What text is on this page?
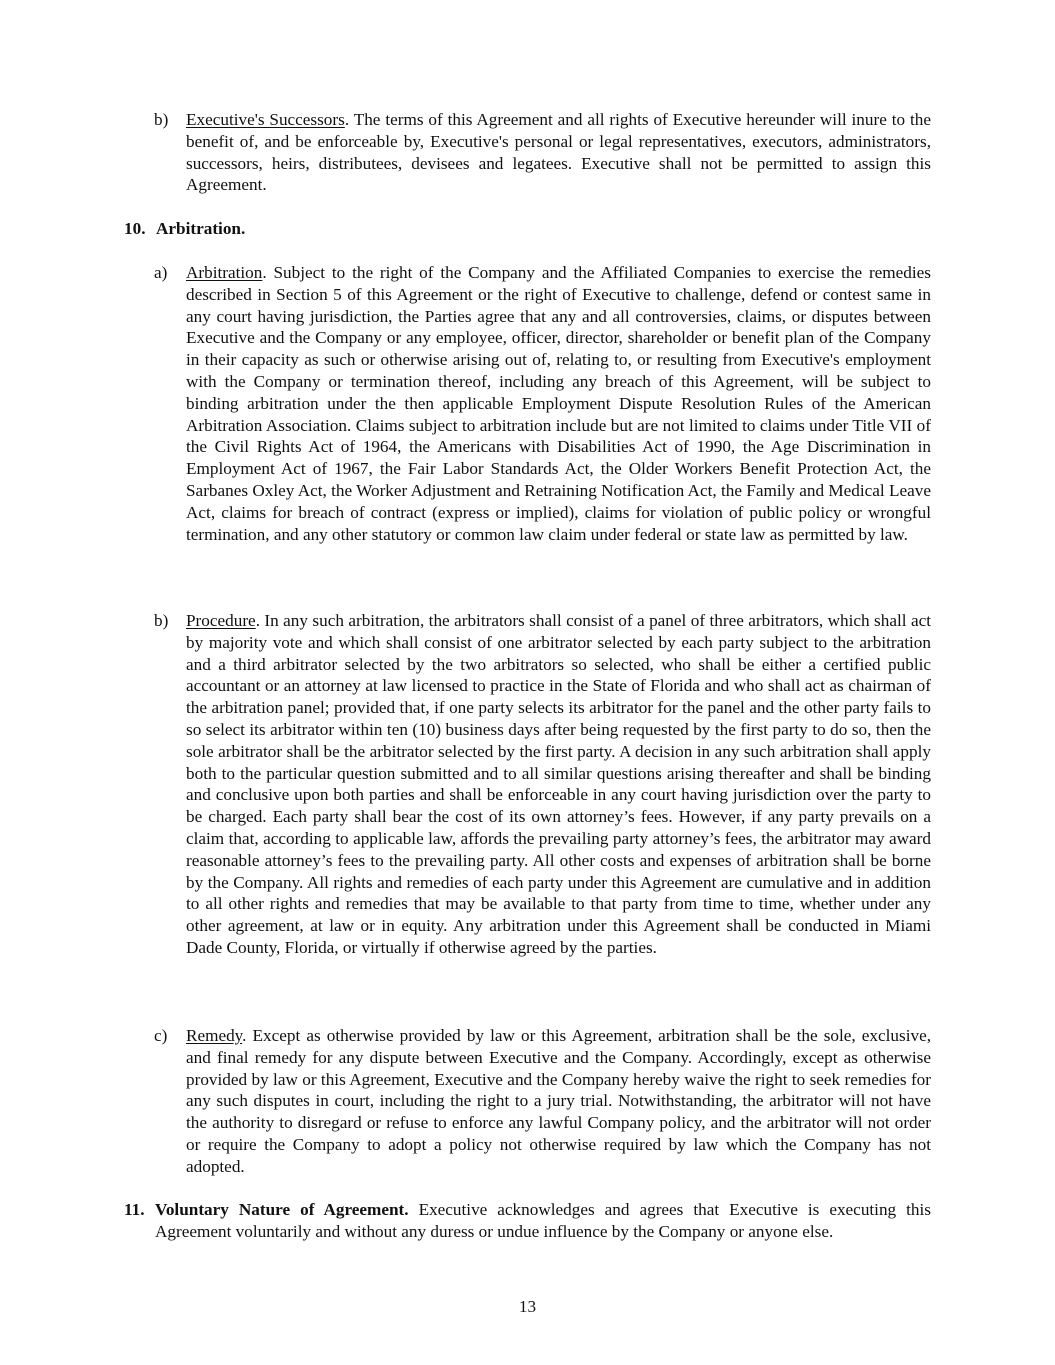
b) Executive's Successors. The terms of this Agreement and all rights of Executive hereunder will inure to the benefit of, and be enforceable by, Executive's personal or legal representatives, executors, administrators, successors, heirs, distributees, devisees and legatees. Executive shall not be permitted to assign this Agreement.
10. Arbitration.
a) Arbitration. Subject to the right of the Company and the Affiliated Companies to exercise the remedies described in Section 5 of this Agreement or the right of Executive to challenge, defend or contest same in any court having jurisdiction, the Parties agree that any and all controversies, claims, or disputes between Executive and the Company or any employee, officer, director, shareholder or benefit plan of the Company in their capacity as such or otherwise arising out of, relating to, or resulting from Executive's employment with the Company or termination thereof, including any breach of this Agreement, will be subject to binding arbitration under the then applicable Employment Dispute Resolution Rules of the American Arbitration Association. Claims subject to arbitration include but are not limited to claims under Title VII of the Civil Rights Act of 1964, the Americans with Disabilities Act of 1990, the Age Discrimination in Employment Act of 1967, the Fair Labor Standards Act, the Older Workers Benefit Protection Act, the Sarbanes Oxley Act, the Worker Adjustment and Retraining Notification Act, the Family and Medical Leave Act, claims for breach of contract (express or implied), claims for violation of public policy or wrongful termination, and any other statutory or common law claim under federal or state law as permitted by law.
b) Procedure. In any such arbitration, the arbitrators shall consist of a panel of three arbitrators, which shall act by majority vote and which shall consist of one arbitrator selected by each party subject to the arbitration and a third arbitrator selected by the two arbitrators so selected, who shall be either a certified public accountant or an attorney at law licensed to practice in the State of Florida and who shall act as chairman of the arbitration panel; provided that, if one party selects its arbitrator for the panel and the other party fails to so select its arbitrator within ten (10) business days after being requested by the first party to do so, then the sole arbitrator shall be the arbitrator selected by the first party. A decision in any such arbitration shall apply both to the particular question submitted and to all similar questions arising thereafter and shall be binding and conclusive upon both parties and shall be enforceable in any court having jurisdiction over the party to be charged. Each party shall bear the cost of its own attorney’s fees. However, if any party prevails on a claim that, according to applicable law, affords the prevailing party attorney’s fees, the arbitrator may award reasonable attorney’s fees to the prevailing party. All other costs and expenses of arbitration shall be borne by the Company. All rights and remedies of each party under this Agreement are cumulative and in addition to all other rights and remedies that may be available to that party from time to time, whether under any other agreement, at law or in equity. Any arbitration under this Agreement shall be conducted in Miami Dade County, Florida, or virtually if otherwise agreed by the parties.
c) Remedy. Except as otherwise provided by law or this Agreement, arbitration shall be the sole, exclusive, and final remedy for any dispute between Executive and the Company. Accordingly, except as otherwise provided by law or this Agreement, Executive and the Company hereby waive the right to seek remedies for any such disputes in court, including the right to a jury trial. Notwithstanding, the arbitrator will not have the authority to disregard or refuse to enforce any lawful Company policy, and the arbitrator will not order or require the Company to adopt a policy not otherwise required by law which the Company has not adopted.
11. Voluntary Nature of Agreement. Executive acknowledges and agrees that Executive is executing this Agreement voluntarily and without any duress or undue influence by the Company or anyone else.
13
